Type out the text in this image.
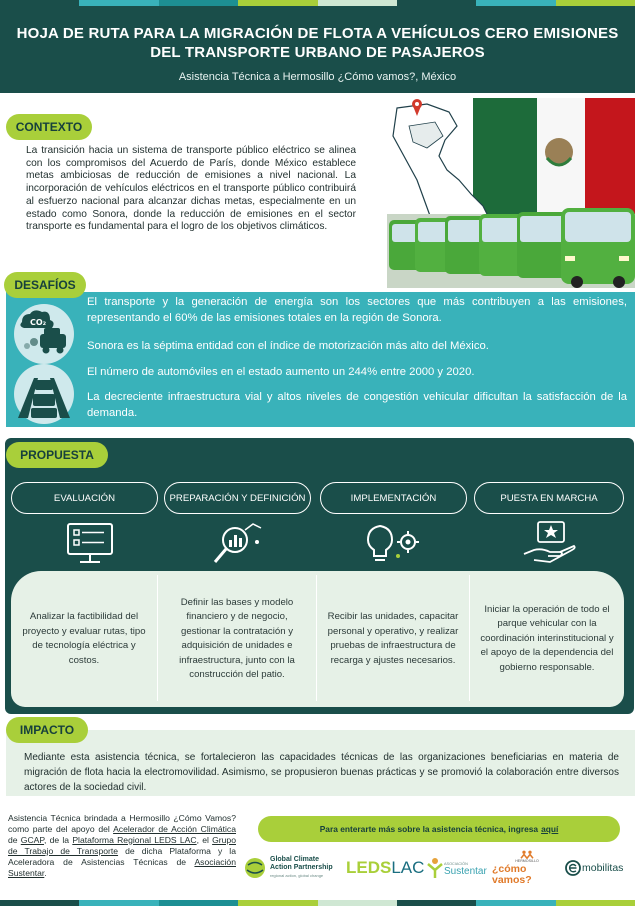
HOJA DE RUTA PARA LA MIGRACIÓN DE FLOTA A VEHÍCULOS CERO EMISIONES DEL TRANSPORTE URBANO DE PASAJEROS
Asistencia Técnica a Hermosillo ¿Cómo vamos?, México
CONTEXTO
La transición hacia un sistema de transporte público eléctrico se alinea con los compromisos del Acuerdo de París, donde México establece metas ambiciosas de reducción de emisiones a nivel nacional. La incorporación de vehículos eléctricos en el transporte público contribuirá al esfuerzo nacional para alcanzar dichas metas, especialmente en un estado como Sonora, donde la reducción de emisiones en el sector transporte es fundamental para el logro de los objetivos climáticos.
DESAFÍOS
CO₂
El transporte y la generación de energía son los sectores que más contribuyen a las emisiones, representando el 60% de las emisiones totales en la región de Sonora.
Sonora es la séptima entidad con el índice de motorización más alto del México.
El número de automóviles en el estado aumento un 244% entre 2000 y 2020.
La decreciente infraestructura vial y altos niveles de congestión vehicular dificultan la satisfacción de la demanda.
PROPUESTA
EVALUACIÓN	PREPARACIÓN Y DEFINICIÓN	IMPLEMENTACIÓN	PUESTA EN MARCHA
Analizar la factibilidad del proyecto y evaluar rutas, tipo de tecnología eléctrica y costos.
Definir las bases y modelo financiero y de negocio, gestionar la contratación y adquisición de unidades e infraestructura, junto con la construcción del patio.
Recibir las unidades, capacitar personal y operativo, y realizar pruebas de infraestructura de recarga y ajustes necesarios.
Iniciar la operación de todo el parque vehicular con la coordinación interinstitucional y el apoyo de la dependencia del gobierno responsable.
IMPACTO
Mediante esta asistencia técnica, se fortalecieron las capacidades técnicas de las organizaciones beneficiarias en materia de migración de flota hacia la electromovilidad. Asimismo, se propusieron buenas prácticas y se promovió la colaboración entre diversos actores de la sociedad civil.
Asistencia Técnica brindada a Hermosillo ¿Cómo Vamos? como parte del apoyo del Acelerador de Acción Climática de GCAP, de la Plataforma Regional LEDS LAC, el Grupo de Trabajo de Transporte de dicha Plataforma y la Aceleradora de Asistencias Técnicas de Asociación Sustentar.
Para enterarte más sobre la asistencia técnica, ingresa aquí
Global Climate
Action Partnership
regional action, global change	LEDS LAC	ASOCIACIÓN
Sustentar
HERMOSILLO
¿cómo vamos?
mobilitas
